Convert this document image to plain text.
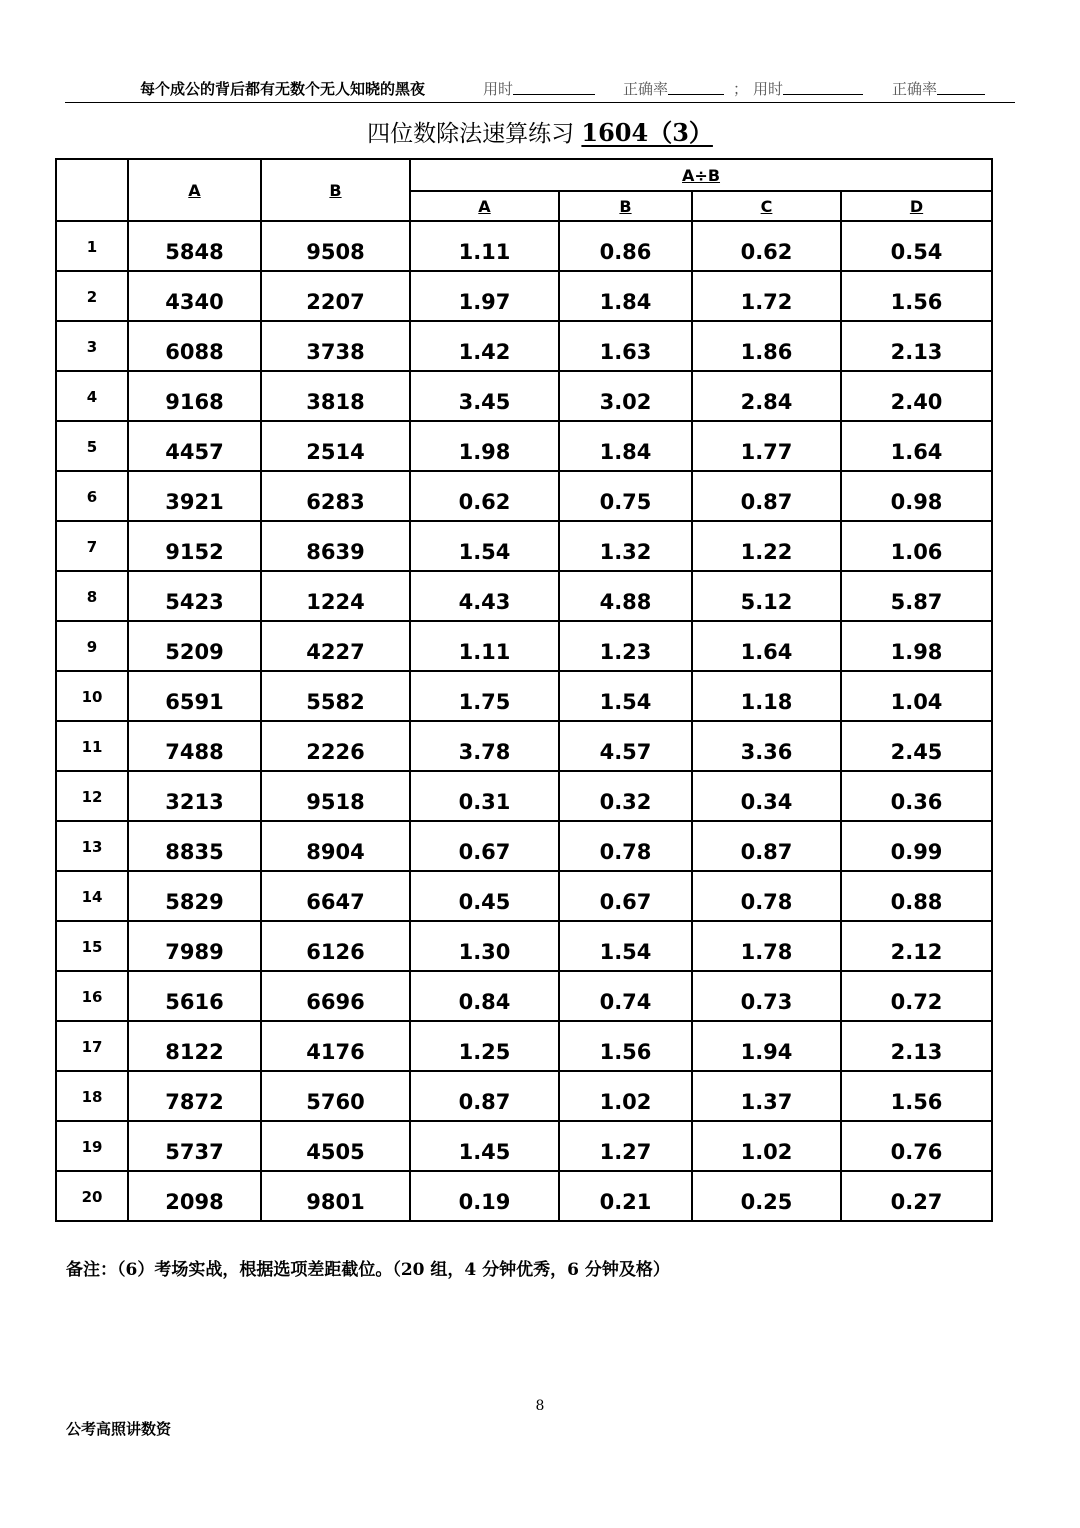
每个成公的背后都有无数个无人知晓的黑夜	用时	正确率	； 用时	正确率
四位数除法速算练习 1604（3）
	A	B	A÷B			
			A	B	C	D
1	5848	9508	1.11	0.86	0.62	0.54
2	4340	2207	1.97	1.84	1.72	1.56
3	6088	3738	1.42	1.63	1.86	2.13
4	9168	3818	3.45	3.02	2.84	2.40
5	4457	2514	1.98	1.84	1.77	1.64
6	3921	6283	0.62	0.75	0.87	0.98
7	9152	8639	1.54	1.32	1.22	1.06
8	5423	1224	4.43	4.88	5.12	5.87
9	5209	4227	1.11	1.23	1.64	1.98
10	6591	5582	1.75	1.54	1.18	1.04
11	7488	2226	3.78	4.57	3.36	2.45
12	3213	9518	0.31	0.32	0.34	0.36
13	8835	8904	0.67	0.78	0.87	0.99
14	5829	6647	0.45	0.67	0.78	0.88
15	7989	6126	1.30	1.54	1.78	2.12
16	5616	6696	0.84	0.74	0.73	0.72
17	8122	4176	1.25	1.56	1.94	2.13
18	7872	5760	0.87	1.02	1.37	1.56
19	5737	4505	1.45	1.27	1.02	0.76
20	2098	9801	0.19	0.21	0.25	0.27
备注：（6）考场实战，根据选项差距截位。（20 组，4 分钟优秀，6 分钟及格）
8
公考高照讲数资
